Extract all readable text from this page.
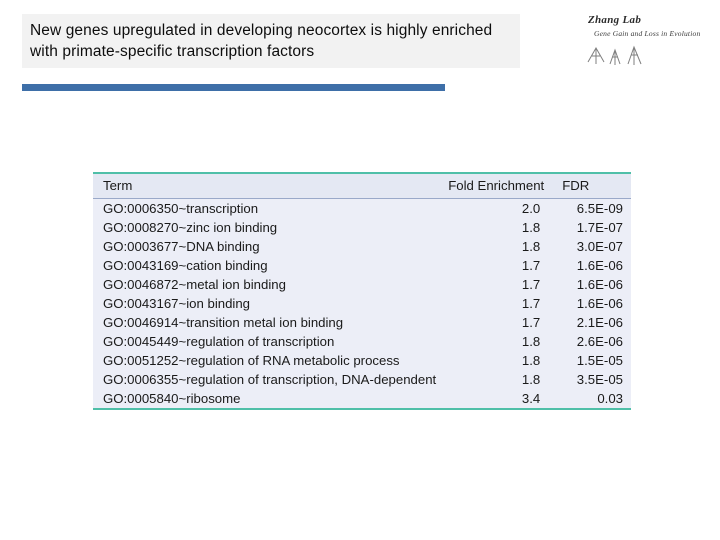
New genes upregulated in developing neocortex is highly enriched with primate-specific transcription factors
Zhang Lab
Gene Gain and Loss in Evolution
Term	Fold Enrichment	FDR
GO:0006350~transcription	2.0	6.5E-09
GO:0008270~zinc ion binding	1.8	1.7E-07
GO:0003677~DNA binding	1.8	3.0E-07
GO:0043169~cation binding	1.7	1.6E-06
GO:0046872~metal ion binding	1.7	1.6E-06
GO:0043167~ion binding	1.7	1.6E-06
GO:0046914~transition metal ion binding	1.7	2.1E-06
GO:0045449~regulation of transcription	1.8	2.6E-06
GO:0051252~regulation of RNA metabolic process	1.8	1.5E-05
GO:0006355~regulation of transcription, DNA-dependent	1.8	3.5E-05
GO:0005840~ribosome	3.4	0.03
